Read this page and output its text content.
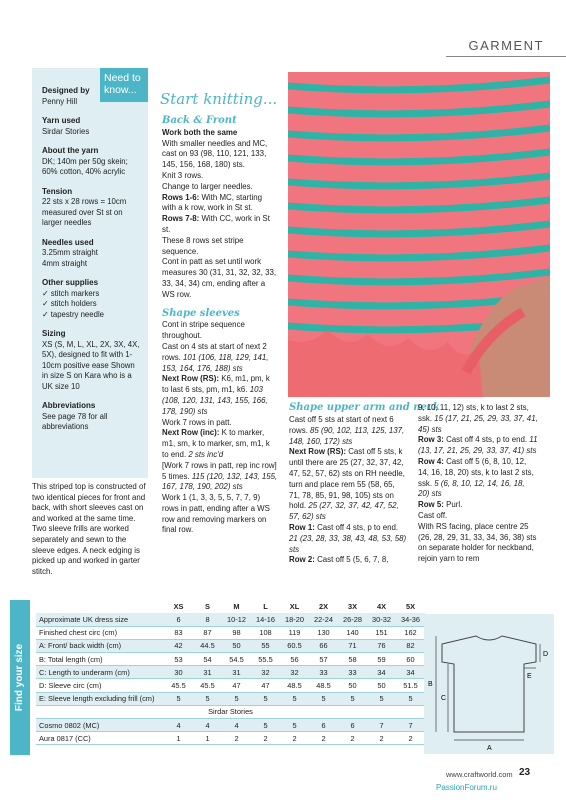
GARMENT
Need to know...
Designed by
Penny Hill
Yarn used
Sirdar Stories
About the yarn
DK; 140m per 50g skein; 60% cotton, 40% acrylic
Tension
22 sts x 28 rows = 10cm measured over St st on larger needles
Needles used
3.25mm straight
4mm straight
Other supplies
✓ stitch markers
✓ stitch holders
✓ tapestry needle
Sizing
XS (S, M, L, XL, 2X, 3X, 4X, 5X), designed to fit with 1-10cm positive ease Shown in size S on Kara who is a UK size 10
Abbreviations
See page 78 for all abbreviations
This striped top is constructed of two identical pieces for front and back, with short sleeves cast on and worked at the same time. Two sleeve frills are worked separately and sewn to the sleeve edges. A neck edging is picked up and worked in garter stitch.
Start knitting...
Back & Front
Work both the same
With smaller needles and MC, cast on 93 (98, 110, 121, 133, 145, 156, 168, 180) sts.
Knit 3 rows.
Change to larger needles.
Rows 1-6: With MC, starting with a k row, work in St st.
Rows 7-8: With CC, work in St st.
These 8 rows set stripe sequence.
Cont in patt as set until work measures 30 (31, 31, 32, 32, 33, 33, 34, 34) cm, ending after a WS row.
Shape sleeves
Cont in stripe sequence throughout.
Cast on 4 sts at start of next 2 rows. 101 (106, 118, 129, 141, 153, 164, 176, 188) sts
Next Row (RS): K6, m1, pm, k to last 6 sts, pm, m1, k6. 103 (108, 120, 131, 143, 155, 166, 178, 190) sts
Work 7 rows in patt.
Next Row (inc): K to marker, m1, sm, k to marker, sm, m1, k to end. 2 sts inc'd
[Work 7 rows in patt, rep inc row] 5 times. 115 (120, 132, 143, 155, 167, 178, 190, 202) sts
Work 1 (1, 3, 3, 5, 5, 7, 7, 9) rows in patt, ending after a WS row and removing markers on final row.
Shape upper arm and neck
Cast off 5 sts at start of next 6 rows. 85 (90, 102, 113, 125, 137, 148, 160, 172) sts
Next Row (RS): Cast off 5 sts, k until there are 25 (27, 32, 37, 42, 47, 52, 57, 62) sts on RH needle, turn and place rem 55 (58, 65, 71, 78, 85, 91, 98, 105) sts on hold. 25 (27, 32, 37, 42, 47, 52, 57, 62) sts
Row 1: Cast off 4 sts, p to end. 21 (23, 28, 33, 38, 43, 48, 53, 58) sts
Row 2: Cast off 5 (5, 6, 7, 8,
9, 10, 11, 12) sts, k to last 2 sts, ssk. 15 (17, 21, 25, 29, 33, 37, 41, 45) sts
Row 3: Cast off 4 sts, p to end. 11 (13, 17, 21, 25, 29, 33, 37, 41) sts
Row 4: Cast off 5 (6, 8, 10, 12, 14, 16, 18, 20) sts, k to last 2 sts, ssk. 5 (6, 8, 10, 12, 14, 16, 18, 20) sts
Row 5: Purl.
Cast off.
With RS facing, place centre 25 (26, 28, 29, 31, 33, 34, 36, 38) sts on separate holder for neckband, rejoin yarn to rem
Find your size
	XS	S	M	L	XL	2X	3X	4X	5X
Approximate UK dress size	6	8	10-12	14-16	18-20	22-24	26-28	30-32	34-36
Finished chest circ (cm)	83	87	98	108	119	130	140	151	162
A: Front/ back width (cm)	42	44.5	50	55	60.5	66	71	76	82
B: Total length (cm)	53	54	54.5	55.5	56	57	58	59	60
C: Length to underarm (cm)	30	31	31	32	32	33	33	34	34
D: Sleeve circ (cm)	45.5	45.5	47	47	48.5	48.5	50	50	51.5
E: Sleeve length excluding frill (cm)	5	5	5	5	5	5	5	5	5
Sirdar Stories									
Cosmo 0802 (MC)	4	4	4	5	5	6	6	7	7
Aura 0817 (CC)	1	1	2	2	2	2	2	2	2
A
B
C
D
E
www.craftworld.com 23
PassionForum.ru
